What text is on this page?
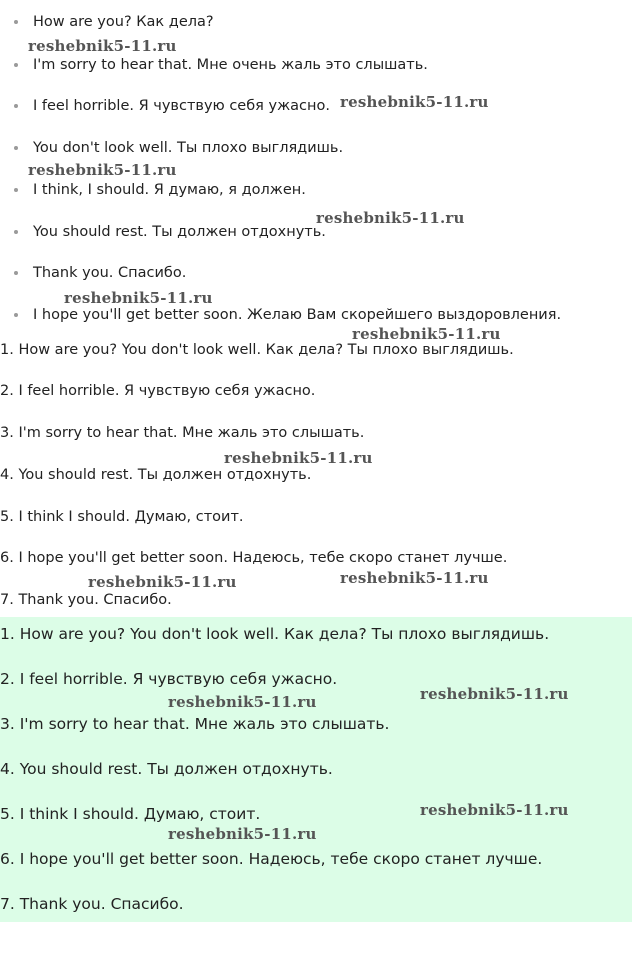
How are you? Как дела?
I'm sorry to hear that. Мне очень жаль это слышать.
I feel horrible. Я чувствую себя ужасно.
You don't look well. Ты плохо выглядишь.
I think, I should. Я думаю, я должен.
You should rest. Ты должен отдохнуть.
Thank you. Спасибо.
I hope you'll get better soon. Желаю Вам скорейшего выздоровления.
1. How are you? You don't look well. Как дела? Ты плохо выглядишь.
2. I feel horrible. Я чувствую себя ужасно.
3. I'm sorry to hear that. Мне жаль это слышать.
4. You should rest. Ты должен отдохнуть.
5. I think I should. Думаю, стоит.
6. I hope you'll get better soon. Надеюсь, тебе скоро станет лучше.
7. Thank you. Спасибо.
1. How are you? You don't look well. Как дела? Ты плохо выглядишь.
2. I feel horrible. Я чувствую себя ужасно.
3. I'm sorry to hear that. Мне жаль это слышать.
4. You should rest. Ты должен отдохнуть.
5. I think I should. Думаю, стоит.
6. I hope you'll get better soon. Надеюсь, тебе скоро станет лучше.
7. Thank you. Спасибо.
reshebnik5-11.ru
reshebnik5-11.ru
reshebnik5-11.ru
reshebnik5-11.ru
reshebnik5-11.ru
reshebnik5-11.ru
reshebnik5-11.ru
reshebnik5-11.ru	reshebnik5-11.ru
reshebnik5-11.ru
reshebnik5-11.ru
reshebnik5-11.ru
reshebnik5-11.ru
